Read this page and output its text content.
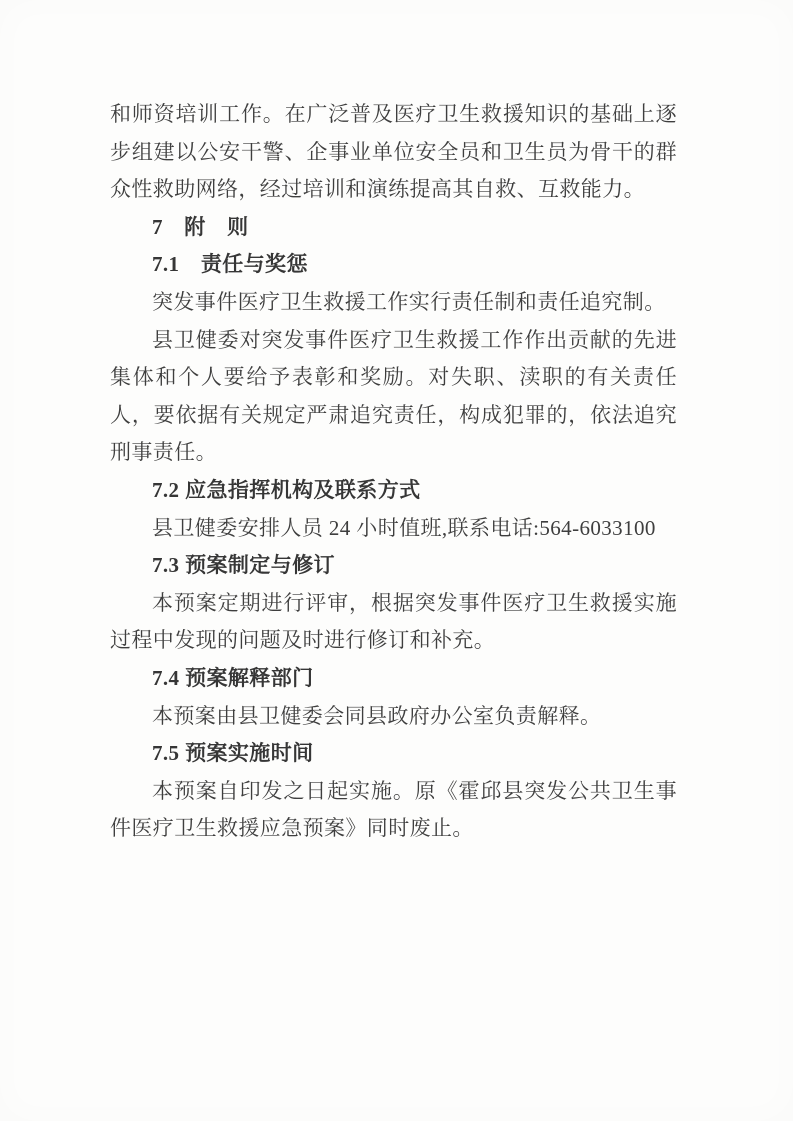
和师资培训工作。在广泛普及医疗卫生救援知识的基础上逐步组建以公安干警、企事业单位安全员和卫生员为骨干的群众性救助网络，经过培训和演练提高其自救、互救能力。
7　附　则
7.1　责任与奖惩
突发事件医疗卫生救援工作实行责任制和责任追究制。
县卫健委对突发事件医疗卫生救援工作作出贡献的先进集体和个人要给予表彰和奖励。对失职、渎职的有关责任人，要依据有关规定严肃追究责任，构成犯罪的，依法追究刑事责任。
7.2 应急指挥机构及联系方式
县卫健委安排人员 24 小时值班,联系电话:564-6033100
7.3 预案制定与修订
本预案定期进行评审，根据突发事件医疗卫生救援实施过程中发现的问题及时进行修订和补充。
7.4 预案解释部门
本预案由县卫健委会同县政府办公室负责解释。
7.5 预案实施时间
本预案自印发之日起实施。原《霍邱县突发公共卫生事件医疗卫生救援应急预案》同时废止。
